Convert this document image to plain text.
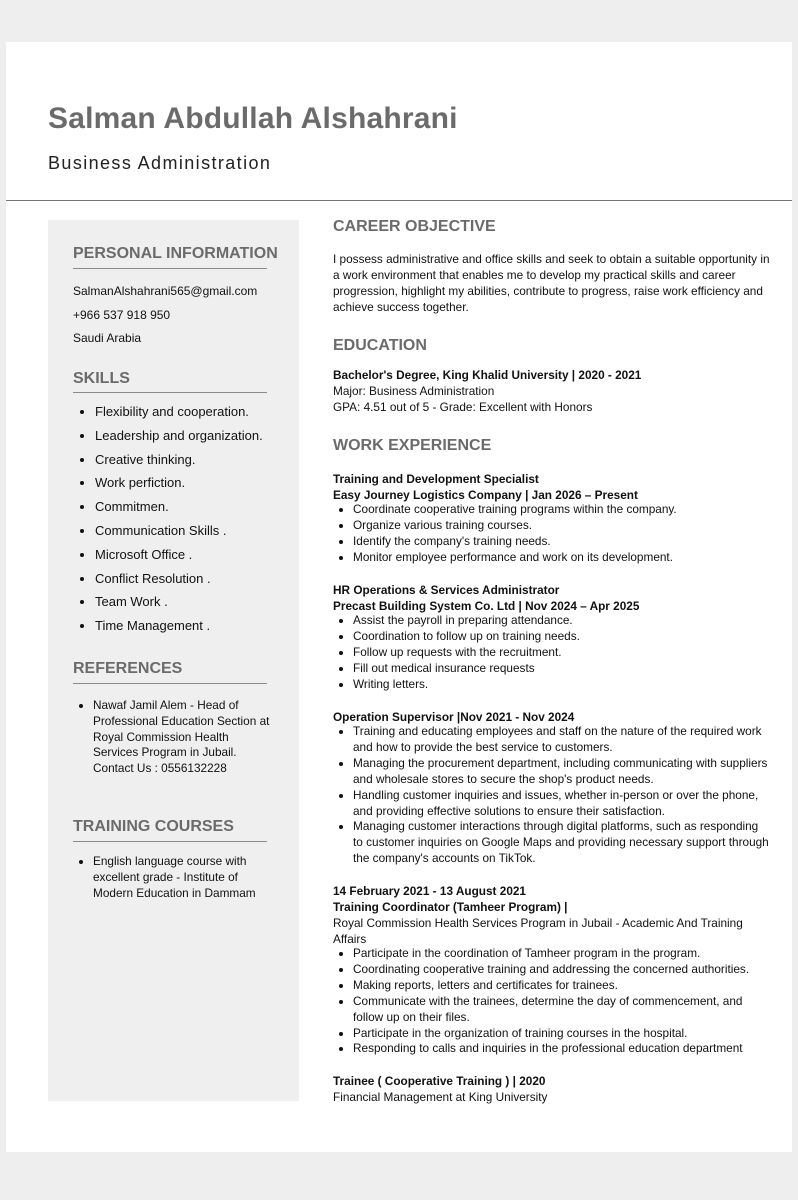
Salman Abdullah Alshahrani
Business Administration
PERSONAL INFORMATION
SalmanAlshahrani565@gmail.com
+966 537 918 950
Saudi Arabia
SKILLS
• Flexibility and cooperation.
• Leadership and organization.
• Creative thinking.
• Work perfiction.
• Commitmen.
• Communication Skills .
• Microsoft Office .
• Conflict Resolution .
• Team Work .
• Time Management .
REFERENCES
• Nawaf Jamil Alem - Head of Professional Education Section at Royal Commission Health Services Program in Jubail. Contact Us : 0556132228
TRAINING COURSES
• English language course with excellent grade - Institute of Modern Education in Dammam
CAREER OBJECTIVE

I possess administrative and office skills and seek to obtain a suitable opportunity in a work environment that enables me to develop my practical skills and career progression, highlight my abilities, contribute to progress, raise work efficiency and achieve success together.

EDUCATION
Bachelor's Degree, King Khalid University | 2020 - 2021
Major: Business Administration
GPA: 4.51 out of 5 - Grade: Excellent with Honors
WORK EXPERIENCE
Training and Development Specialist
Easy Journey Logistics Company | Jan 2026 – Present
• Coordinate cooperative training programs within the company.
• Organize various training courses.
• Identify the company's training needs.
• Monitor employee performance and work on its development.
HR Operations & Services Administrator
Precast Building System Co. Ltd | Nov 2024 – Apr 2025
• Assist the payroll in preparing attendance.
• Coordination to follow up on training needs.
• Follow up requests with the recruitment.
• Fill out medical insurance requests
• Writing letters.
Operation Supervisor |Nov 2021 - Nov 2024
• Training and educating employees and staff on the nature of the required work and how to provide the best service to customers.
• Managing the procurement department, including communicating with suppliers and wholesale stores to secure the shop's product needs.
• Handling customer inquiries and issues, whether in-person or over the phone, and providing effective solutions to ensure their satisfaction.
• Managing customer interactions through digital platforms, such as responding to customer inquiries on Google Maps and providing necessary support through the company's accounts on TikTok.
14 February 2021 - 13 August 2021
Training Coordinator (Tamheer Program) |

Royal Commission Health Services Program in Jubail - Academic And Training Affairs

• Participate in the coordination of Tamheer program in the program.
• Coordinating cooperative training and addressing the concerned authorities.
• Making reports, letters and certificates for trainees.
• Communicate with the trainees, determine the day of commencement, and follow up on their files.
• Participate in the organization of training courses in the hospital.
• Responding to calls and inquiries in the professional education department
Trainee ( Cooperative Training ) | 2020
Financial Management at King University
